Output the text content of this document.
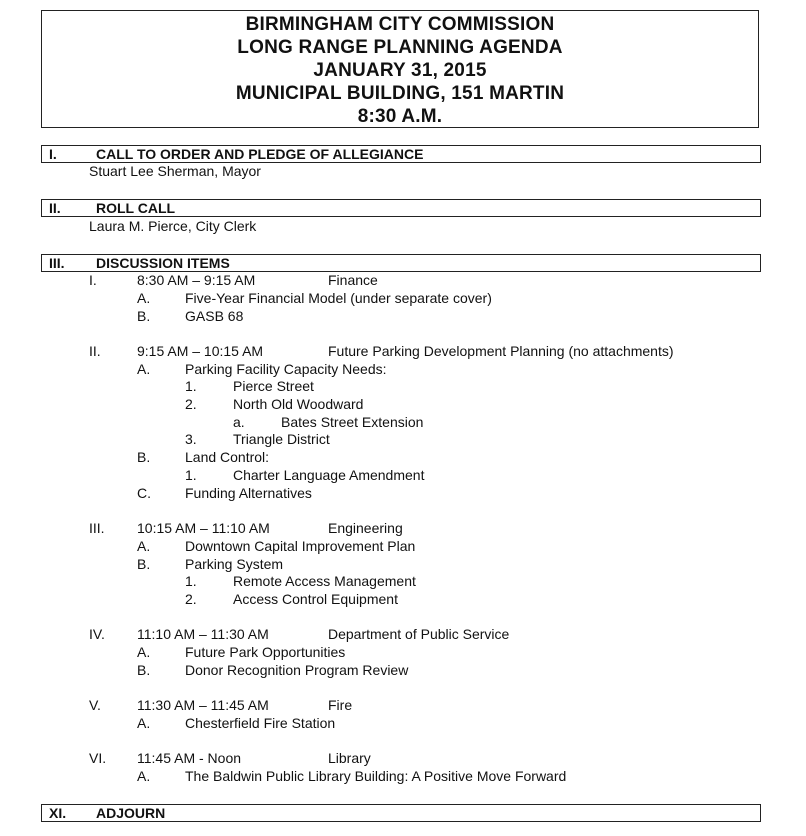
BIRMINGHAM CITY COMMISSION
LONG RANGE PLANNING AGENDA
JANUARY 31, 2015
MUNICIPAL BUILDING, 151 MARTIN
8:30 A.M.
I.	CALL TO ORDER AND PLEDGE OF ALLEGIANCE
Stuart Lee Sherman, Mayor
II.	ROLL CALL
Laura M. Pierce, City Clerk
III. DISCUSSION ITEMS
I.	8:30 AM – 9:15 AM	Finance
A. Five-Year Financial Model (under separate cover)
B. GASB 68
II.	9:15 AM – 10:15 AM	Future Parking Development Planning (no attachments)
A. Parking Facility Capacity Needs:
1.	Pierce Street
2.	North Old Woodward
a.	Bates Street Extension
3.	Triangle District
B. Land Control:
1.	Charter Language Amendment
C. Funding Alternatives
III. 10:15 AM – 11:10 AM	Engineering
A. Downtown Capital Improvement Plan
B. Parking System
1.	Remote Access Management
2.	Access Control Equipment
IV. 11:10 AM – 11:30 AM	Department of Public Service
A. Future Park Opportunities
B. Donor Recognition Program Review
V.	11:30 AM – 11:45 AM	Fire
A. Chesterfield Fire Station
VI. 11:45 AM - Noon	Library
A. The Baldwin Public Library Building: A Positive Move Forward
XI. ADJOURN
